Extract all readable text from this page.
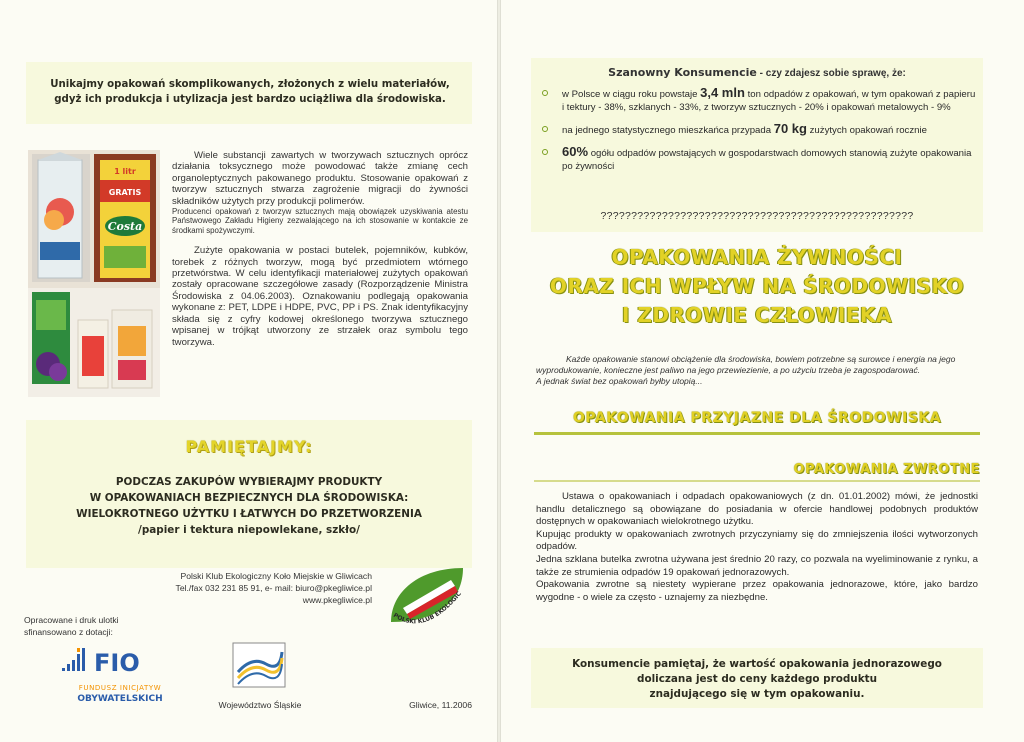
Unikajmy opakowań skomplikowanych, złożonych z wielu materiałów,
gdyż ich produkcja i utylizacja jest bardzo uciążliwa dla środowiska.
1 litr
GRATIS
Costa
Wiele substancji zawartych w tworzywach sztucznych oprócz działania toksycznego może powodować także zmianę cech organoleptycznych pakowanego produktu. Stosowanie opakowań z tworzyw sztucznych stwarza zagrożenie migracji do żywności składników użytych przy produkcji polimerów.
Producenci opakowań z tworzyw sztucznych mają obowiązek uzyskiwania atestu Państwowego Zakładu Higieny zezwalającego na ich stosowanie w kontakcie ze środkami spożywczymi.
Zużyte opakowania w postaci butelek, pojemników, kubków, torebek z różnych tworzyw, mogą być przedmiotem wtórnego przetwórstwa. W celu identyfikacji materiałowej zużytych opakowań zostały opracowane szczegółowe zasady (Rozporządzenie Ministra Środowiska z 04.06.2003). Oznakowaniu podlegają opakowania wykonane z: PET, LDPE i HDPE, PVC, PP i PS. Znak identyfikacyjny składa się z cyfry kodowej określonego tworzywa sztucznego wpisanej w trójkąt utworzony ze strzałek oraz symbolu tego tworzywa.
PAMIĘTAJMY:
PODCZAS ZAKUPÓW WYBIERAJMY PRODUKTY
W OPAKOWANIACH BEZPIECZNYCH DLA ŚRODOWISKA:
WIELOKROTNEGO UŻYTKU I ŁATWYCH DO PRZETWORZENIA
/papier i tektura niepowlekane, szkło/
Polski Klub Ekologiczny Koło Miejskie w Gliwicach
Tel./fax 032 231 85 91, e- mail: biuro@pkegliwice.pl
www.pkegliwice.pl
POLSKI KLUB EKOLOGIC
Opracowane i druk ulotki
sfinansowano z dotacji:
FIO
FUNDUSZ INICJATYW
OBYWATELSKICH
Województwo Śląskie	Gliwice, 11.2006
Szanowny Konsumencie - czy zdajesz sobie sprawę, że:
w Polsce w ciągu roku powstaje 3,4 mln ton odpadów z opakowań, w tym opakowań z papieru i tektury - 38%, szklanych - 33%, z tworzyw sztucznych - 20% i opakowań metalowych - 9%
na jednego statystycznego mieszkańca przypada 70 kg zużytych opakowań rocznie
60% ogółu odpadów powstających w gospodarstwach domowych stanowią zużyte opakowania po żywności
???????????????????????????????????????????????????
OPAKOWANIA ŻYWNOŚCI
ORAZ ICH WPŁYW NA ŚRODOWISKO
I ZDROWIE CZŁOWIEKA
Każde opakowanie stanowi obciążenie dla środowiska, bowiem potrzebne są surowce i energia na jego wyprodukowanie, konieczne jest paliwo na jego przewiezienie, a po użyciu trzeba je zagospodarować.
A jednak świat bez opakowań byłby utopią...
OPAKOWANIA PRZYJAZNE DLA ŚRODOWISKA
OPAKOWANIA ZWROTNE

Ustawa o opakowaniach i odpadach opakowaniowych (z dn. 01.01.2002) mówi, że jednostki handlu detalicznego są obowiązane do posiadania w ofercie handlowej podobnych produktów dostępnych w opakowaniach wielokrotnego użytku.

Kupując produkty w opakowaniach zwrotnych przyczyniamy się do zmniejszenia ilości wytworzonych odpadów.

Jedna szklana butelka zwrotna używana jest średnio 20 razy, co pozwala na wyeliminowanie z rynku, a także ze strumienia odpadów 19 opakowań jednorazowych.

Opakowania zwrotne są niestety wypierane przez opakowania jednorazowe, które, jako bardzo wygodne - o wiele za często - uznajemy za niezbędne.

Konsumencie pamiętaj, że wartość opakowania jednorazowego
doliczana jest do ceny każdego produktu
znajdującego się w tym opakowaniu.
